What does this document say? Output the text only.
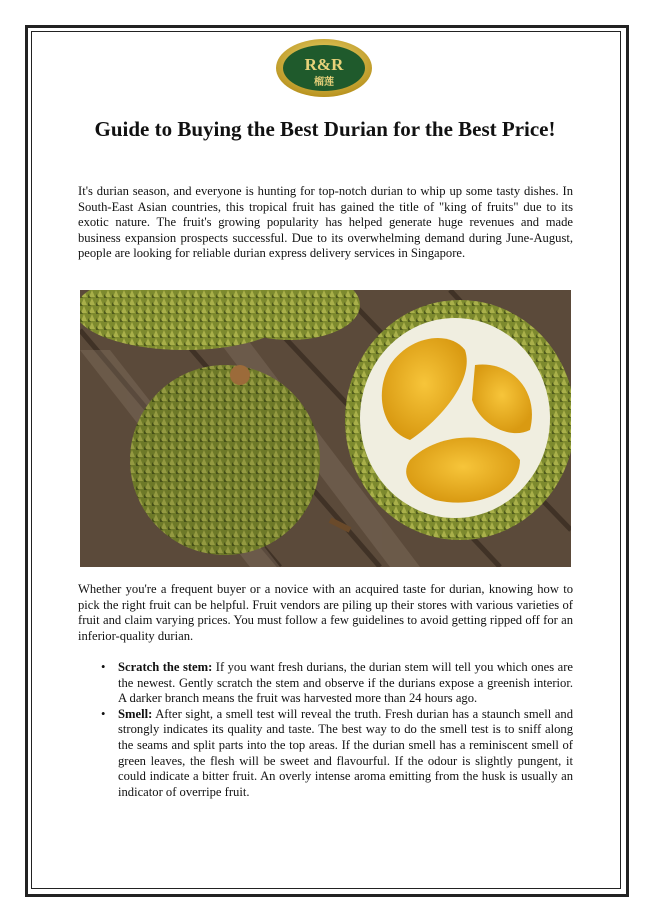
R&R
榴莲
Guide to Buying the Best Durian for the Best Price!

It's durian season, and everyone is hunting for top-notch durian to whip up some tasty dishes. In South-East Asian countries, this tropical fruit has gained the title of "king of fruits" due to its exotic nature. The fruit's growing popularity has helped generate huge revenues and made business expansion prospects successful. Due to its overwhelming demand during June-August, people are looking for reliable durian express delivery services in Singapore.

Whether you're a frequent buyer or a novice with an acquired taste for durian, knowing how to pick the right fruit can be helpful. Fruit vendors are piling up their stores with various varieties of fruit and claim varying prices. You must follow a few guidelines to avoid getting ripped off for an inferior-quality durian.

• Scratch the stem: If you want fresh durians, the durian stem will tell you which ones are the newest. Gently scratch the stem and observe if the durians expose a greenish interior. A darker branch means the fruit was harvested more than 24 hours ago.
• Smell: After sight, a smell test will reveal the truth. Fresh durian has a staunch smell and strongly indicates its quality and taste. The best way to do the smell test is to sniff along the seams and split parts into the top areas. If the durian smell has a reminiscent smell of green leaves, the flesh will be sweet and flavourful. If the odour is slightly pungent, it could indicate a bitter fruit. An overly intense aroma emitting from the husk is usually an indicator of overripe fruit.
